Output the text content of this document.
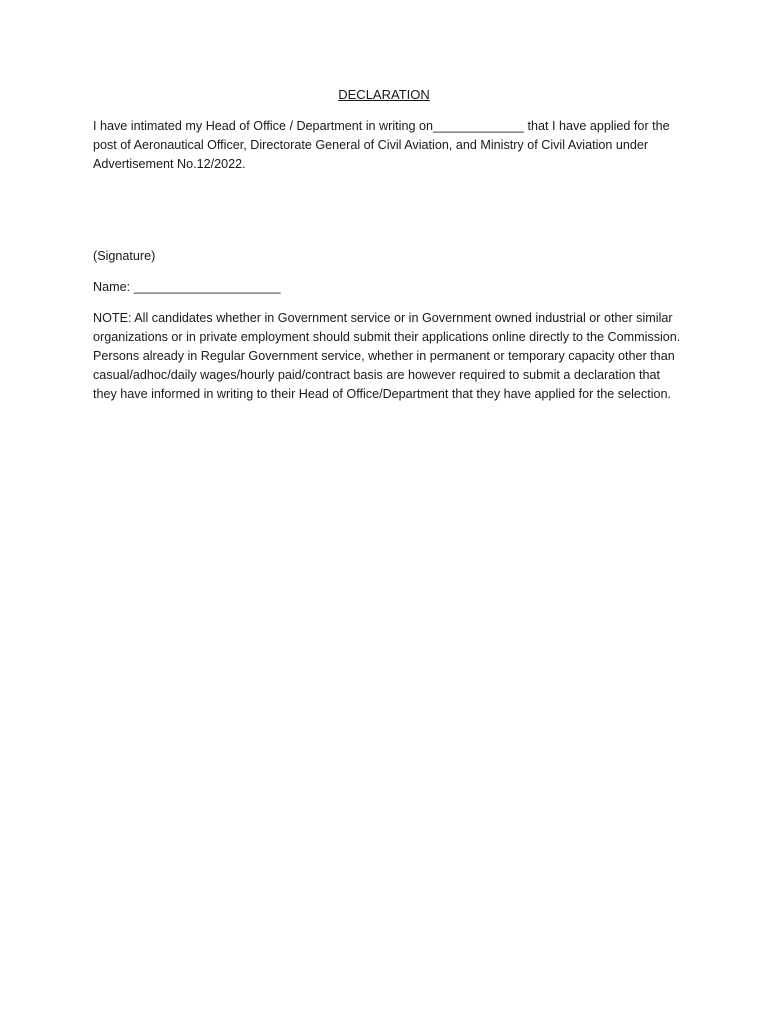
DECLARATION

I have intimated my Head of Office / Department in writing on_____________ that I have applied for the post of Aeronautical Officer, Directorate General of Civil Aviation, and Ministry of Civil Aviation under Advertisement No.12/2022.

(Signature)

Name: _____________________

NOTE: All candidates whether in Government service or in Government owned industrial or other similar organizations or in private employment should submit their applications online directly to the Commission. Persons already in Regular Government service, whether in permanent or temporary capacity other than casual/adhoc/daily wages/hourly paid/contract basis are however required to submit a declaration that they have informed in writing to their Head of Office/Department that they have applied for the selection.
